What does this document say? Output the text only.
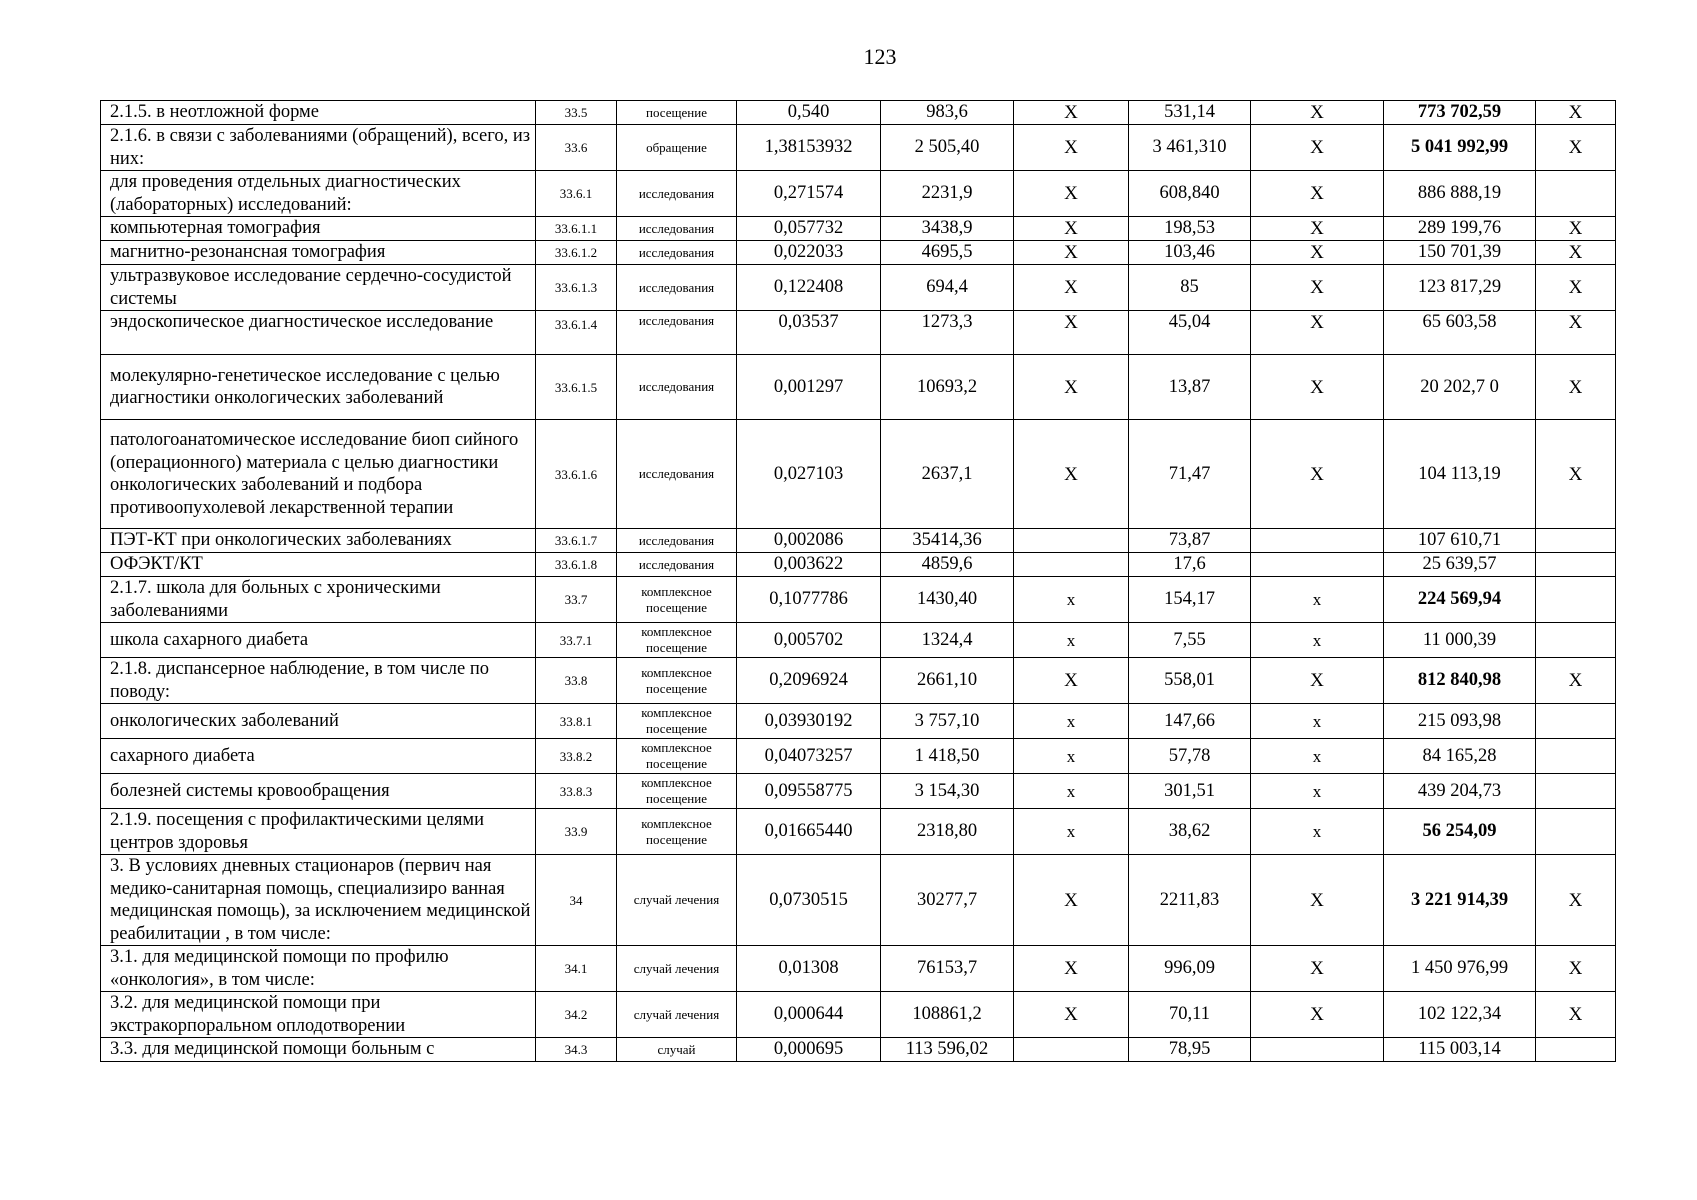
123
2.1.5. в неотложной форме	33.5	посещение	0,540	983,6	X	531,14	X	773 702,59	X
2.1.6. в связи с заболеваниями (обращений), всего, из них:	33.6	обращение	1,38153932	2 505,40	X	3 461,310	X	5 041 992,99	X
для проведения отдельных диагностических (лабораторных) исследований:	33.6.1	исследования	0,271574	2231,9	X	608,840	X	886 888,19	
компьютерная томография	33.6.1.1	исследования	0,057732	3438,9	X	198,53	X	289 199,76	X
магнитно-резонансная томография	33.6.1.2	исследования	0,022033	4695,5	X	103,46	X	150 701,39	X
ультразвуковое исследование сердечно-сосудистой системы	33.6.1.3	исследования	0,122408	694,4	X	85	X	123 817,29	X
эндоскопическое диагностическое исследование	33.6.1.4	исследования	0,03537	1273,3	X	45,04	X	65 603,58	X
молекулярно-генетическое исследование с целью диагностики онкологических заболеваний	33.6.1.5	исследования	0,001297	10693,2	X	13,87	X	20 202,7 0	X
патологоанатомическое исследование биоп сийного (операционного) материала с целью диагностики онкологических заболеваний и подбора противоопухолевой лекарственной терапии	33.6.1.6	исследования	0,027103	2637,1	X	71,47	X	104 113,19	X
ПЭТ-КТ при онкологических заболеваниях	33.6.1.7	исследования	0,002086	35414,36		73,87		107 610,71	
ОФЭКТ/КТ	33.6.1.8	исследования	0,003622	4859,6		17,6		25 639,57	
2.1.7. школа для больных с хроническими заболеваниями	33.7	комплексное посещение	0,1077786	1430,40	х	154,17	х	224 569,94	
школа сахарного диабета	33.7.1	комплексное посещение	0,005702	1324,4	х	7,55	х	11 000,39	
2.1.8. диспансерное наблюдение, в том числе по поводу:	33.8	комплексное посещение	0,2096924	2661,10	X	558,01	X	812 840,98	X
онкологических заболеваний	33.8.1	комплексное посещение	0,03930192	3 757,10	х	147,66	х	215 093,98	
сахарного диабета	33.8.2	комплексное посещение	0,04073257	1 418,50	х	57,78	х	84 165,28	
болезней системы кровообращения	33.8.3	комплексное посещение	0,09558775	3 154,30	х	301,51	х	439 204,73	
2.1.9. посещения с профилактическими целями центров здоровья	33.9	комплексное посещение	0,01665440	2318,80	х	38,62	х	56 254,09	
3. В условиях дневных стационаров (первич ная медико-санитарная помощь, специализиро ванная медицинская помощь), за исключением медицинской реабилитации , в том числе:	34	случай лечения	0,0730515	30277,7	X	2211,83	X	3 221 914,39	X
3.1. для медицинской помощи по профилю «онкология», в том числе:	34.1	случай лечения	0,01308	76153,7	X	996,09	X	1 450 976,99	X
3.2. для медицинской помощи при экстракорпоральном оплодотворении	34.2	случай лечения	0,000644	108861,2	X	70,11	X	102 122,34	X
3.3. для медицинской помощи больным с	34.3	случай	0,000695	113 596,02		78,95		115 003,14	
